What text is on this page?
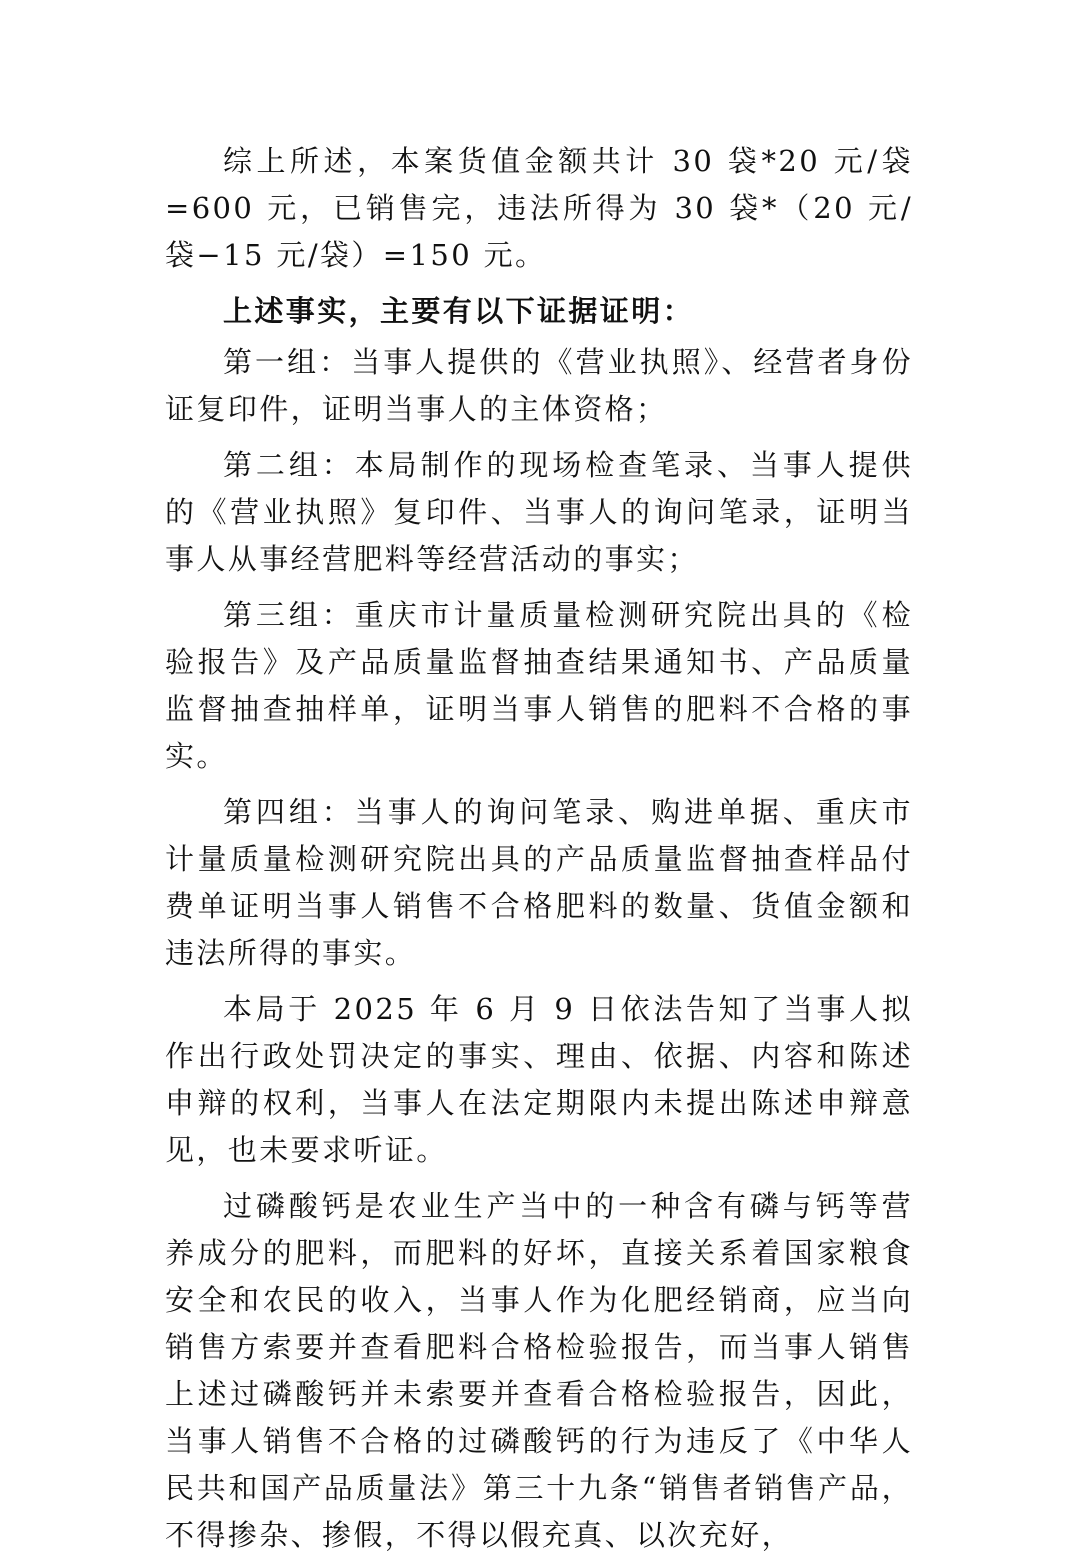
综上所述，本案货值金额共计 30 袋*20 元/袋=600 元，已销售完，违法所得为 30 袋*（20 元/袋−15 元/袋）=150 元。

上述事实，主要有以下证据证明：

第一组：当事人提供的《营业执照》、经营者身份证复印件，证明当事人的主体资格；

第二组：本局制作的现场检查笔录、当事人提供的《营业执照》复印件、当事人的询问笔录，证明当事人从事经营肥料等经营活动的事实；

第三组：重庆市计量质量检测研究院出具的《检验报告》及产品质量监督抽查结果通知书、产品质量监督抽查抽样单，证明当事人销售的肥料不合格的事实。

第四组：当事人的询问笔录、购进单据、重庆市计量质量检测研究院出具的产品质量监督抽查样品付费单证明当事人销售不合格肥料的数量、货值金额和违法所得的事实。

本局于 2025 年 6 月 9 日依法告知了当事人拟作出行政处罚决定的事实、理由、依据、内容和陈述申辩的权利，当事人在法定期限内未提出陈述申辩意见，也未要求听证。

过磷酸钙是农业生产当中的一种含有磷与钙等营养成分的肥料，而肥料的好坏，直接关系着国家粮食安全和农民的收入，当事人作为化肥经销商，应当向销售方索要并查看肥料合格检验报告，而当事人销售上述过磷酸钙并未索要并查看合格检验报告，因此，当事人销售不合格的过磷酸钙的行为违反了《中华人民共和国产品质量法》第三十九条“销售者销售产品，不得掺杂、掺假，不得以假充真、以次充好，
